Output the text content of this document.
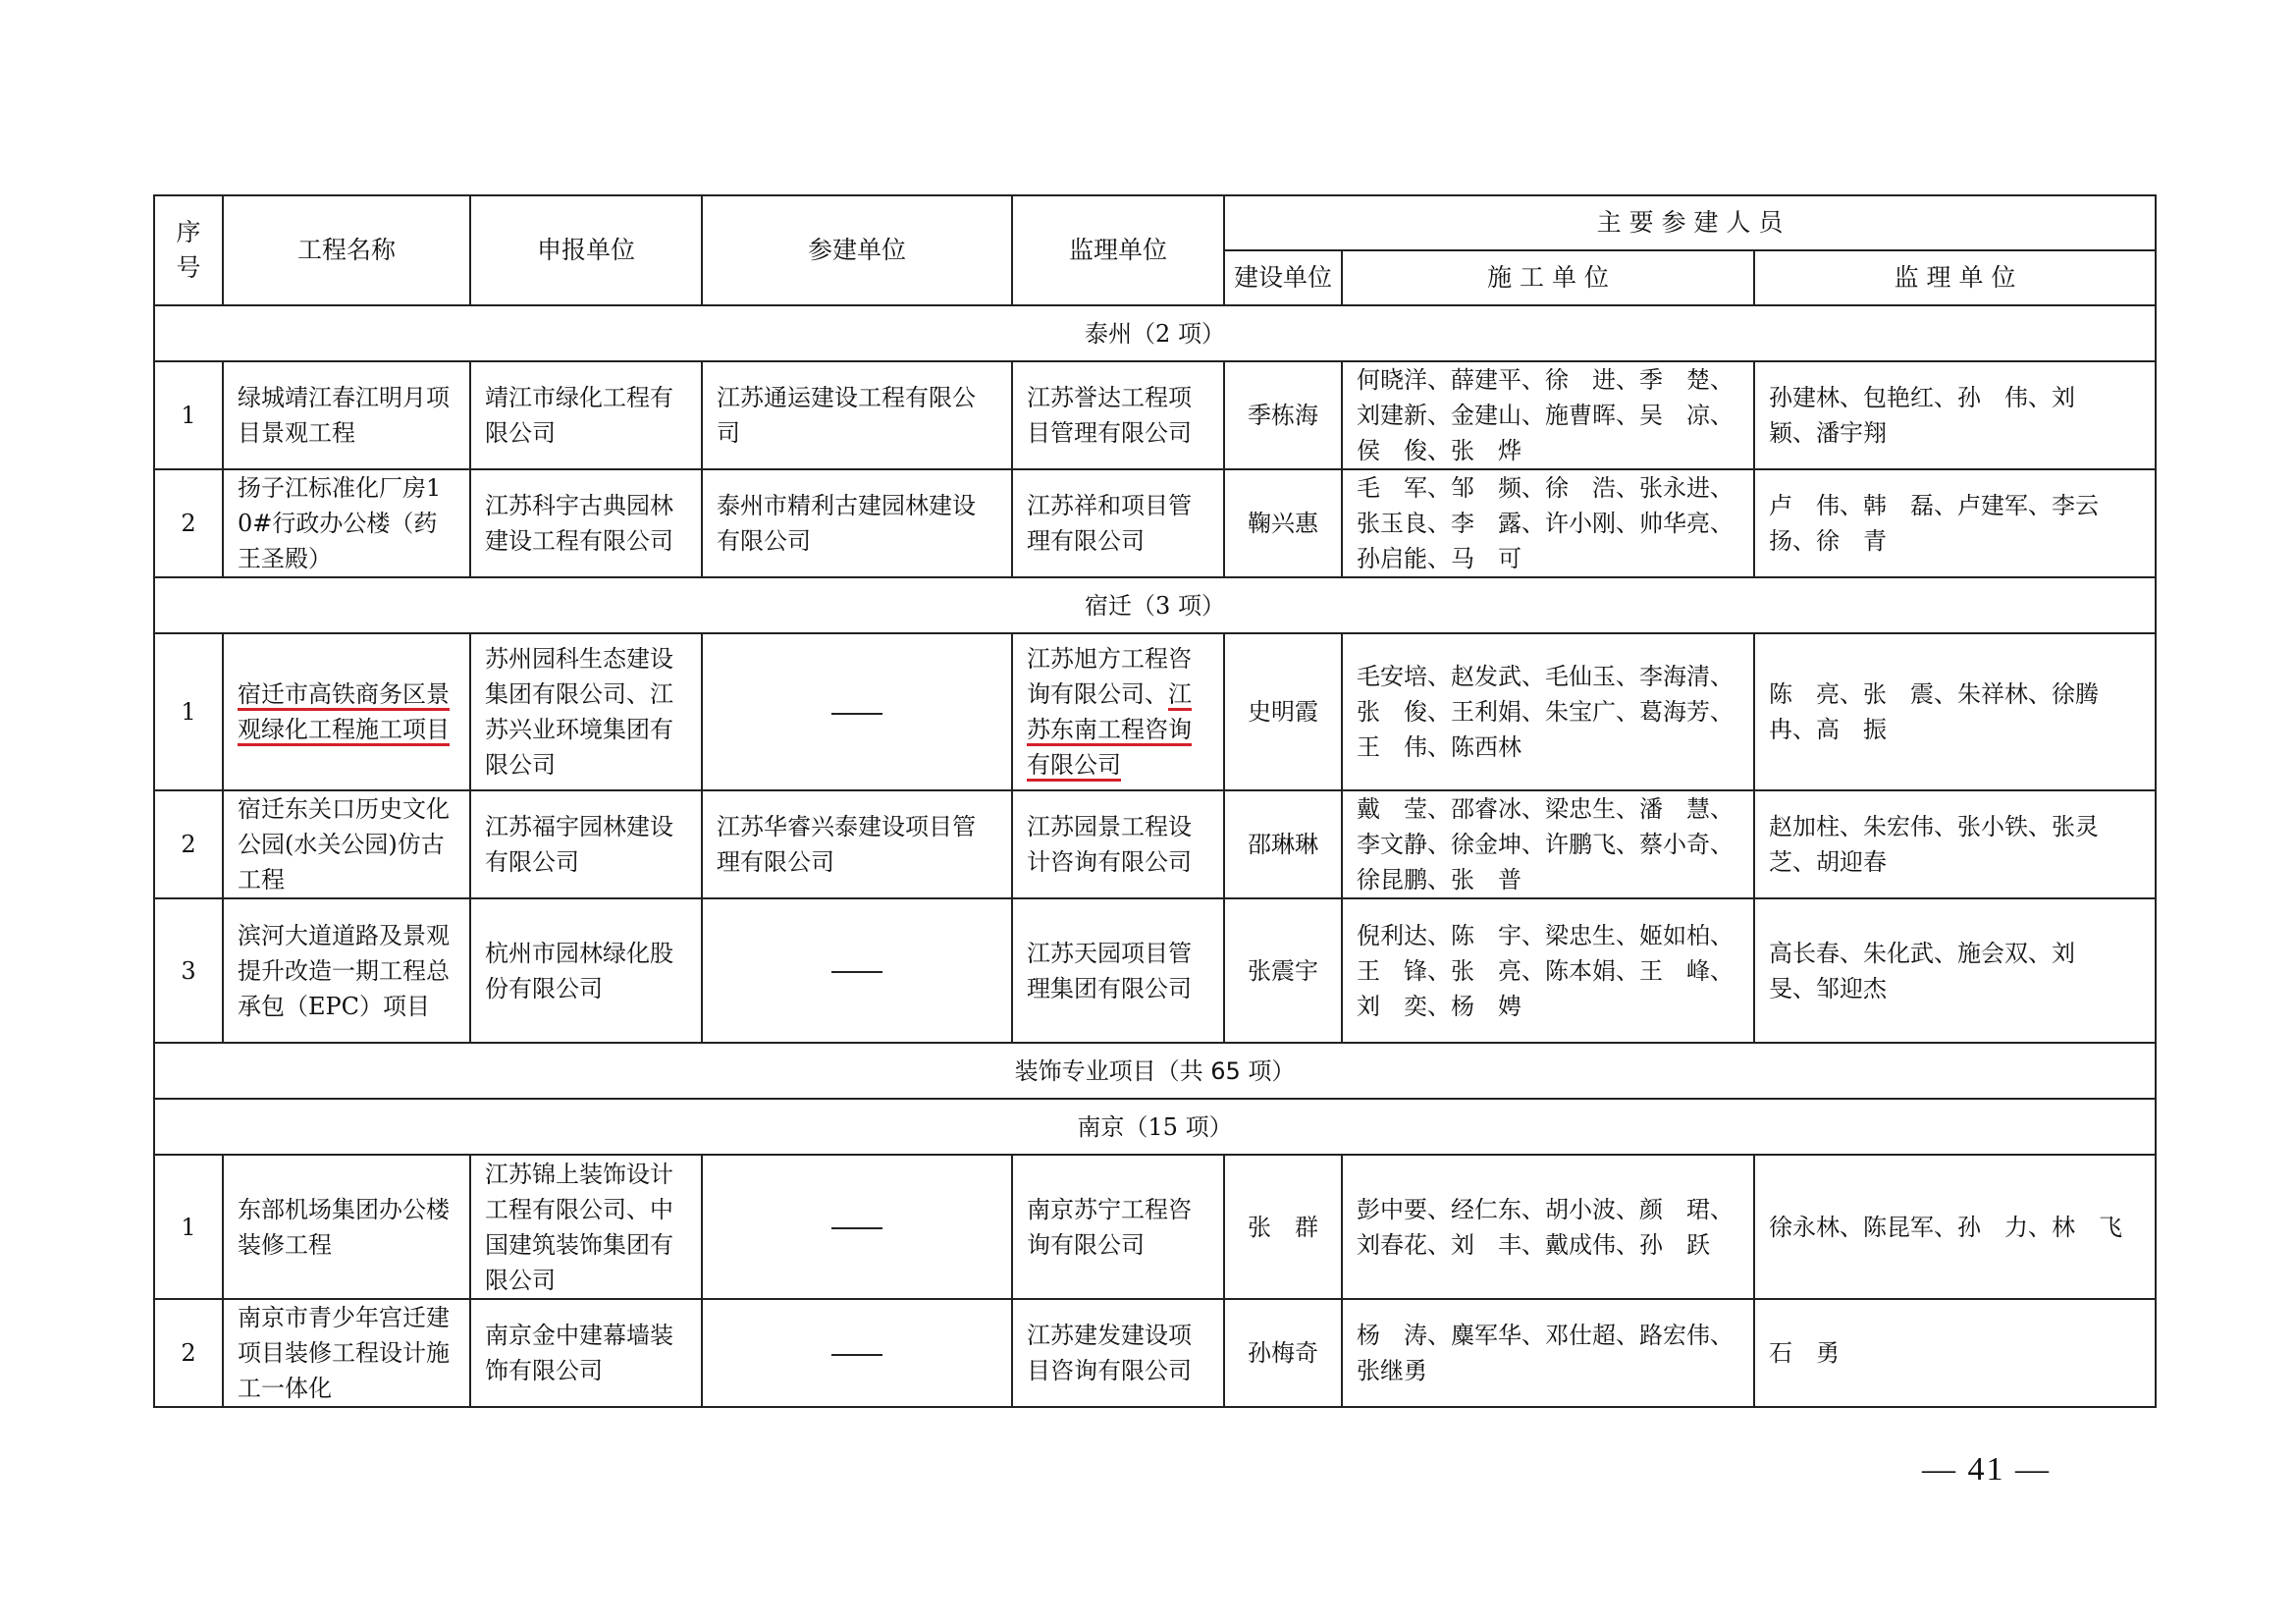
序号	工程名称	申报单位	参建单位	监理单位	主 要 参 建 人 员		
					建设单位	施 工 单 位	监 理 单 位
泰州（2 项）							
1	绿城靖江春江明月项目景观工程	靖江市绿化工程有限公司	江苏通运建设工程有限公司	江苏誉达工程项目管理有限公司	季栋海	何晓洋、薛建平、徐　进、季　楚、刘建新、金建山、施曹晖、吴　凉、侯　俊、张　烨	孙建林、包艳红、孙　伟、刘　颖、潘宇翔
2	扬子江标准化厂房10#行政办公楼（药王圣殿）	江苏科宇古典园林建设工程有限公司	泰州市精利古建园林建设有限公司	江苏祥和项目管理有限公司	鞠兴惠	毛　军、邹　频、徐　浩、张永进、张玉良、李　露、许小刚、帅华亮、孙启能、马　可	卢　伟、韩　磊、卢建军、李云扬、徐　青
宿迁（3 项）							
1	宿迁市高铁商务区景观绿化工程施工项目	苏州园科生态建设集团有限公司、江苏兴业环境集团有限公司		江苏旭方工程咨询有限公司、江苏东南工程咨询有限公司	史明霞	毛安培、赵发武、毛仙玉、李海清、张　俊、王利娟、朱宝广、葛海芳、王　伟、陈西林	陈　亮、张　震、朱祥林、徐腾冉、高　振
2	宿迁东关口历史文化公园(水关公园)仿古工程	江苏福宇园林建设有限公司	江苏华睿兴泰建设项目管理有限公司	江苏园景工程设计咨询有限公司	邵琳琳	戴　莹、邵睿冰、梁忠生、潘　慧、李文静、徐金坤、许鹏飞、蔡小奇、徐昆鹏、张　普	赵加柱、朱宏伟、张小铁、张灵芝、胡迎春
3	滨河大道道路及景观提升改造一期工程总承包（EPC）项目	杭州市园林绿化股份有限公司		江苏天园项目管理集团有限公司	张震宇	倪利达、陈　宇、梁忠生、姬如柏、王　锋、张　亮、陈本娟、王　峰、刘　奕、杨　娉	高长春、朱化武、施会双、刘　旻、邹迎杰
装饰专业项目（共 65 项）							
南京（15 项）							
1	东部机场集团办公楼装修工程	江苏锦上装饰设计工程有限公司、中国建筑装饰集团有限公司		南京苏宁工程咨询有限公司	张　群	彭中要、经仁东、胡小波、颜　珺、刘春花、刘　丰、戴成伟、孙　跃	徐永林、陈昆军、孙　力、林　飞
2	南京市青少年宫迁建项目装修工程设计施工一体化	南京金中建幕墙装饰有限公司		江苏建发建设项目咨询有限公司	孙梅奇	杨　涛、麋军华、邓仕超、路宏伟、张继勇	石　勇
— 41 —
